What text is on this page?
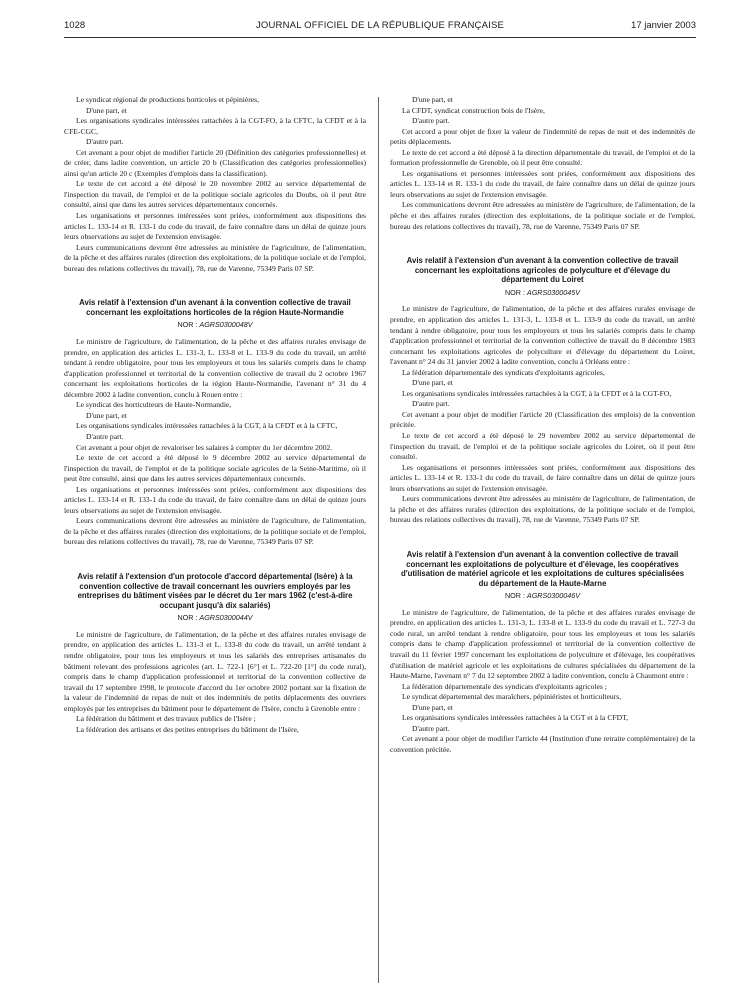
1028	JOURNAL OFFICIEL DE LA RÉPUBLIQUE FRANÇAISE	17 janvier 2003

Le syndicat régional de productions horticoles et pépinières,

D'une part, et

Les organisations syndicales intéressées rattachées à la CGT-FO, à la CFTC, la CFDT et à la CFE-CGC,

D'autre part.

Cet avenant a pour objet de modifier l'article 20 (Définition des catégories professionnelles) et de créer, dans ladite convention, un article 20 b (Classification des catégories professionnelles) ainsi qu'un article 20 c (Exemples d'emplois dans la classification).

Le texte de cet accord a été déposé le 20 novembre 2002 au service départemental de l'inspection du travail, de l'emploi et de la politique sociale agricoles du Doubs, où il peut être consulté, ainsi que dans les autres services départementaux concernés.

Les organisations et personnes intéressées sont priées, conformément aux dispositions des articles L. 133-14 et R. 133-1 du code du travail, de faire connaître dans un délai de quinze jours leurs observations au sujet de l'extension envisagée.

Leurs communications devront être adressées au ministère de l'agriculture, de l'alimentation, de la pêche et des affaires rurales (direction des exploitations, de la politique sociale et de l'emploi, bureau des relations collectives du travail), 78, rue de Varenne, 75349 Paris 07 SP.

Avis relatif à l'extension d'un avenant à la convention collective de travail concernant les exploitations horticoles de la région Haute-Normandie
NOR : AGRS0300048V

Le ministre de l'agriculture, de l'alimentation, de la pêche et des affaires rurales envisage de prendre, en application des articles L. 131-3, L. 133-8 et L. 133-9 du code du travail, un arrêté tendant à rendre obligatoire, pour tous les employeurs et tous les salariés compris dans le champ d'application professionnel et territorial de la convention collective de travail du 2 octobre 1967 concernant les exploitations horticoles de la région Haute-Normandie, l'avenant n° 31 du 4 décembre 2002 à ladite convention, conclu à Rouen entre :

Le syndicat des horticulteurs de Haute-Normandie,

D'une part, et

Les organisations syndicales intéressées rattachées à la CGT, à la CFDT et à la CFTC,

D'autre part.

Cet avenant a pour objet de revaloriser les salaires à compter du 1er décembre 2002.

Le texte de cet accord a été déposé le 9 décembre 2002 au service départemental de l'inspection du travail, de l'emploi et de la politique sociale agricoles de la Seine-Maritime, où il peut être consulté, ainsi que dans les autres services départementaux concernés.

Les organisations et personnes intéressées sont priées, conformément aux dispositions des articles L. 133-14 et R. 133-1 du code du travail, de faire connaître dans un délai de quinze jours leurs observations au sujet de l'extension envisagée.

Leurs communications devront être adressées au ministère de l'agriculture, de l'alimentation, de la pêche et des affaires rurales (direction des exploitations, de la politique sociale et de l'emploi, bureau des relations collectives du travail), 78, rue de Varenne, 75349 Paris 07 SP.

Avis relatif à l'extension d'un protocole d'accord départemental (Isère) à la convention collective de travail concernant les ouvriers employés par les entreprises du bâtiment visées par le décret du 1er mars 1962 (c'est-à-dire occupant jusqu'à dix salariés)
NOR : AGRS0300044V

Le ministre de l'agriculture, de l'alimentation, de la pêche et des affaires rurales envisage de prendre, en application des articles L. 131-3 et L. 133-8 du code du travail, un arrêté tendant à rendre obligatoire, pour tous les employeurs et tous les salariés des entreprises artisanales du bâtiment relevant des professions agricoles (art. L. 722-1 [6°] et L. 722-20 [1°] du code rural), compris dans le champ d'application professionnel et territorial de la convention collective de travail du 17 septembre 1998, le protocole d'accord du 1er octobre 2002 portant sur la fixation de la valeur de l'indemnité de repas de nuit et des indemnités de petits déplacements des ouvriers employés par les entreprises du bâtiment pour le département de l'Isère, conclu à Grenoble entre :

La fédération du bâtiment et des travaux publics de l'Isère ;

La fédération des artisans et des petites entreprises du bâtiment de l'Isère,

D'une part, et

La CFDT, syndicat construction bois de l'Isère,

D'autre part.

Cet accord a pour objet de fixer la valeur de l'indemnité de repas de nuit et des indemnités de petits déplacements.

Le texte de cet accord a été déposé à la direction départementale du travail, de l'emploi et de la formation professionnelle de Grenoble, où il peut être consulté.

Les organisations et personnes intéressées sont priées, conformément aux dispositions des articles L. 133-14 et R. 133-1 du code du travail, de faire connaître dans un délai de quinze jours leurs observations au sujet de l'extension envisagée.

Les communications devront être adressées au ministère de l'agriculture, de l'alimentation, de la pêche et des affaires rurales (direction des exploitations, de la politique sociale et de l'emploi, bureau des relations collectives du travail), 78, rue de Varenne, 75349 Paris 07 SP.

Avis relatif à l'extension d'un avenant à la convention collective de travail concernant les exploitations agricoles de polyculture et d'élevage du département du Loiret
NOR : AGRS0300045V

Le ministre de l'agriculture, de l'alimentation, de la pêche et des affaires rurales envisage de prendre, en application des articles L. 131-3, L. 133-8 et L. 133-9 du code du travail, un arrêté tendant à rendre obligatoire, pour tous les employeurs et tous les salariés compris dans le champ d'application professionnel et territorial de la convention collective de travail du 8 décembre 1983 concernant les exploitations agricoles de polyculture et d'élevage du département du Loiret, l'avenant n° 24 du 31 janvier 2002 à ladite convention, conclu à Orléans entre :

La fédération départementale des syndicats d'exploitants agricoles,

D'une part, et

Les organisations syndicales intéressées rattachées à la CGT, à la CFDT et à la CGT-FO,

D'autre part.

Cet avenant a pour objet de modifier l'article 20 (Classification des emplois) de la convention précitée.

Le texte de cet accord a été déposé le 29 novembre 2002 au service départemental de l'inspection du travail, de l'emploi et de la politique sociale agricoles du Loiret, où il peut être consulté.

Les organisations et personnes intéressées sont priées, conformément aux dispositions des articles L. 133-14 et R. 133-1 du code du travail, de faire connaître dans un délai de quinze jours leurs observations au sujet de l'extension envisagée.

Leurs communications devront être adressées au ministère de l'agriculture, de l'alimentation, de la pêche et des affaires rurales (direction des exploitations, de la politique sociale et de l'emploi, bureau des relations collectives du travail), 78, rue de Varenne, 75349 Paris 07 SP.

Avis relatif à l'extension d'un avenant à la convention collective de travail concernant les exploitations de polyculture et d'élevage, les coopératives d'utilisation de matériel agricole et les exploitations de cultures spécialisées du département de la Haute-Marne
NOR : AGRS0300046V

Le ministre de l'agriculture, de l'alimentation, de la pêche et des affaires rurales envisage de prendre, en application des articles L. 131-3, L. 133-8 et L. 133-9 du code du travail et L. 727-3 du code rural, un arrêté tendant à rendre obligatoire, pour tous les employeurs et tous les salariés compris dans le champ d'application professionnel et territorial de la convention collective de travail du 11 février 1997 concernant les exploitations de polyculture et d'élevage, les coopératives d'utilisation de matériel agricole et les exploitations de cultures spécialisées du département de la Haute-Marne, l'avenant n° 7 du 12 septembre 2002 à ladite convention, conclu à Chaumont entre :

La fédération départementale des syndicats d'exploitants agricoles ;

Le syndicat départemental des maraîchers, pépiniéristes et horticulteurs,

D'une part, et

Les organisations syndicales intéressées rattachées à la CGT et à la CFDT,

D'autre part.

Cet avenant a pour objet de modifier l'article 44 (Institution d'une retraite complémentaire) de la convention précitée.
